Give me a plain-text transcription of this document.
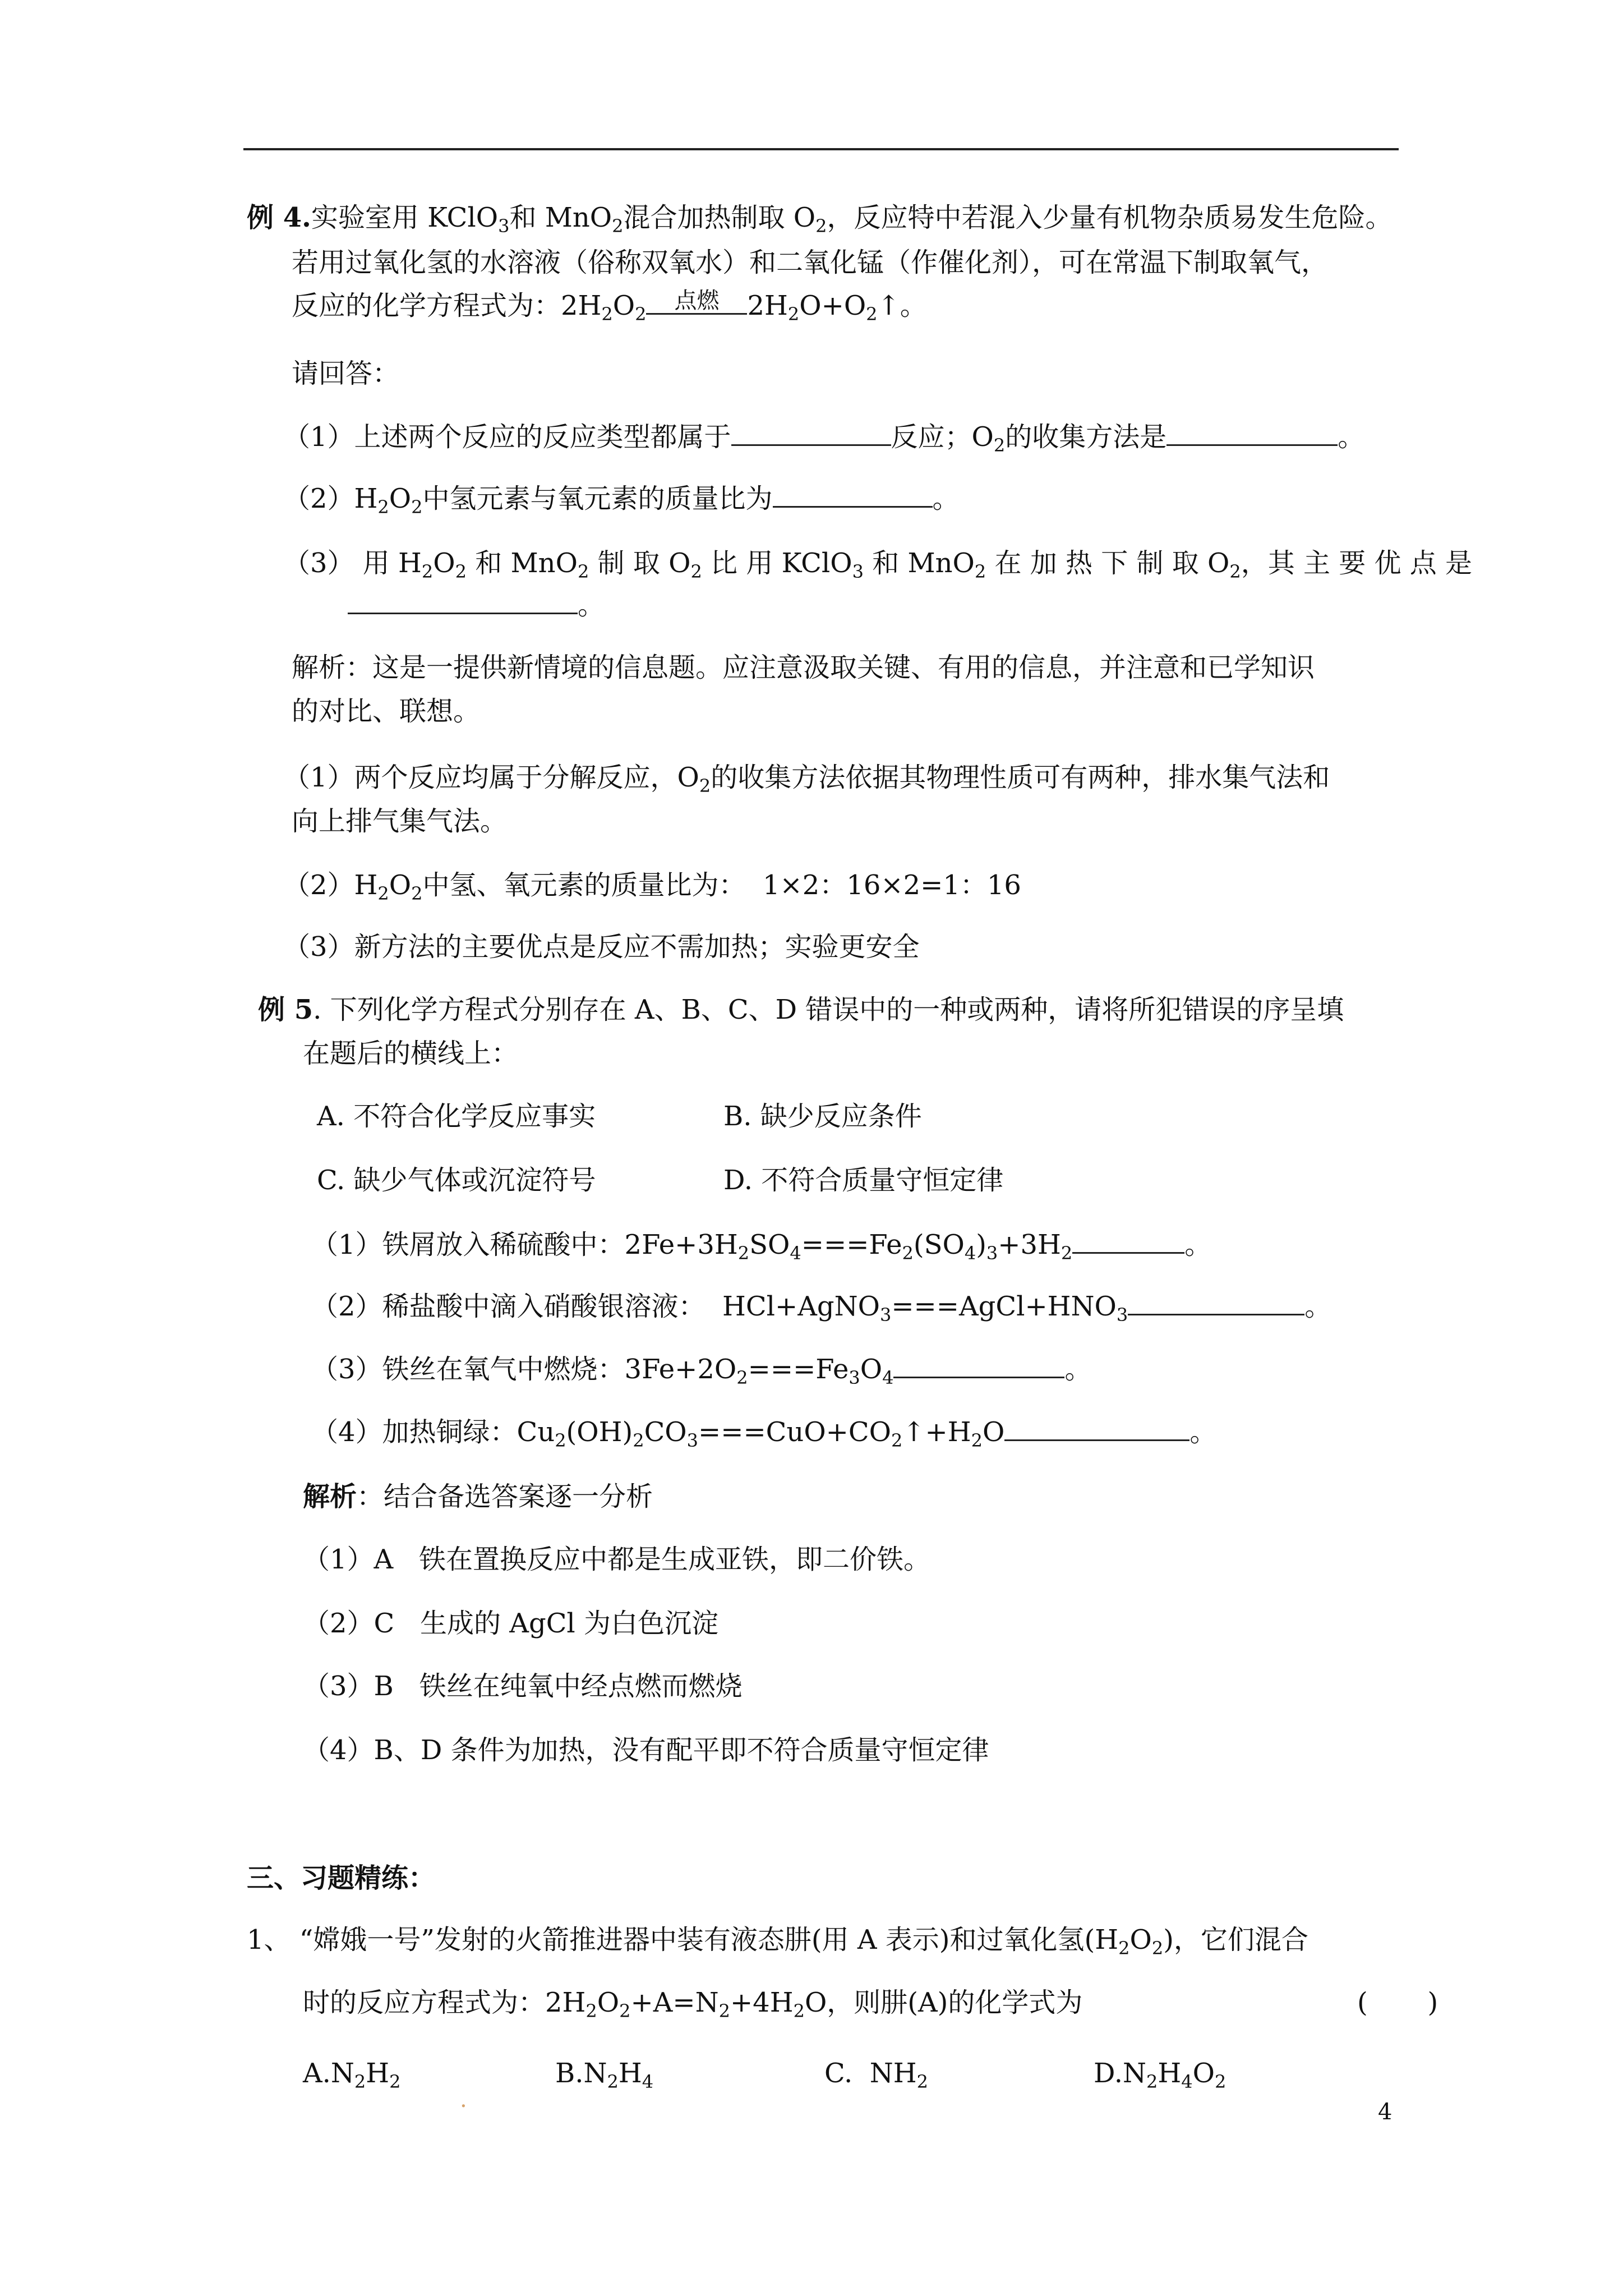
例 4.实验室用 KClO$_3$和 MnO$_2$混合加热制取 $O_2$，反应特中若混入少量有机物杂质易发生危险。
若用过氧化氢的水溶液（俗称双氧水）和二氧化锰（作催化剂），可在常温下制取氧气，
反应的化学方程式为：$2H_2O_2$
点燃	$2H_2O+O_2↑$。
请回答：
（1）上述两个反应的反应类型都属于	反应；$O_2$的收集方法是	。
$(2)H_2O_2$中氢元素与氧元素的质量比为	。
（3） 用 $H_2O_2$ 和 MnO$_2$ 制 取 $O_2$ 比 用 KClO$_3$ 和 MnO$_2$ 在 加 热 下 制 取 $O_2$，其 主 要 优 点 是
。
解析：这是一提供新情境的信息题。应注意汲取关键、有用的信息，并注意和已学知识
的对比、联想。
（1）两个反应均属于分解反应，$O_2$的收集方法依据其物理性质可有两种，排水集气法和
向上排气集气法。
$(2)H_2O_2$中氢、氧元素的质量比为：  1×2：16×2=1：16
（3）新方法的主要优点是反应不需加热；实验更安全
例 5. 下列化学方程式分别存在 A、B、C、D 错误中的一种或两种，请将所犯错误的序呈填
在题后的横线上：
A. 不符合化学反应事实	B. 缺少反应条件
C. 缺少气体或沉淀符号	D. 不符合质量守恒定律
（1）铁屑放入稀硫酸中：$2Fe+3H_2SO_4===Fe_2(SO_4)_3+3H_2$	。
（2）稀盐酸中滴入硝酸银溶液：  $HCl+AgNO_3===AgCl+HNO_3$	。
（3）铁丝在氧气中燃烧：$3Fe+2O_2===Fe_3O_4$	。
（4）加热铜绿：$Cu_2(OH)_2CO_3===CuO+CO_2↑+H_2O$	。
解析：结合备选答案逐一分析
（1）A   铁在置换反应中都是生成亚铁，即二价铁。
（2）C   生成的 AgCl 为白色沉淀
（3）B   铁丝在纯氧中经点燃而燃烧
（4）B、D 条件为加热，没有配平即不符合质量守恒定律
三、习题精练：
1、 “嫦娥一号”发射的火箭推进器中装有液态肼(用 A 表示)和过氧化氢$(H_2O_2)$，它们混合
时的反应方程式为：$2H_2O_2+A=N_2+4H_2O$，则肼(A)的化学式为	(       )
$A.N_2H_2$
.
$B.N_2H_4$	C.  $NH_2$	$D.N_2H_4O_2$
4
